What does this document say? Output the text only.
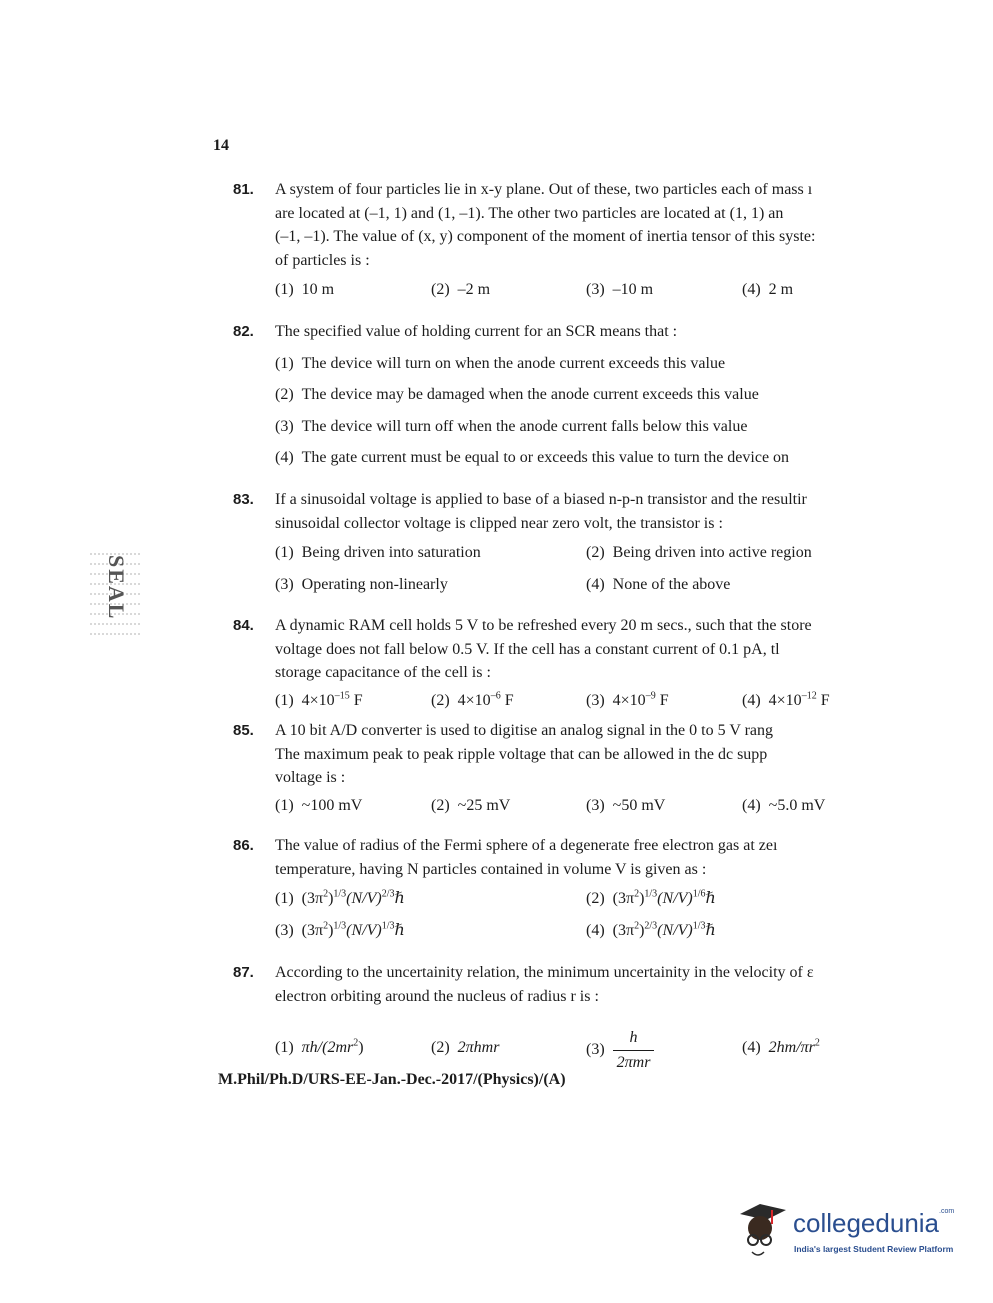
14
SEAL
81. A system of four particles lie in x-y plane. Out of these, two particles each of mass ı
are located at (–1, 1) and (1, –1). The other two particles are located at (1, 1) an
(–1, –1). The value of (x, y) component of the moment of inertia tensor of this syste:
of particles is :
(1) 10 m	(2) –2 m	(3) –10 m	(4) 2 m
82. The specified value of holding current for an SCR means that :
(1) The device will turn on when the anode current exceeds this value
(2) The device may be damaged when the anode current exceeds this value
(3) The device will turn off when the anode current falls below this value
(4) The gate current must be equal to or exceeds this value to turn the device on
83. If a sinusoidal voltage is applied to base of a biased n-p-n transistor and the resultir
sinusoidal collector voltage is clipped near zero volt, the transistor is :
(1) Being driven into saturation	(2) Being driven into active region
(3) Operating non-linearly	(4) None of the above
84. A dynamic RAM cell holds 5 V to be refreshed every 20 m secs., such that the store
voltage does not fall below 0.5 V. If the cell has a constant current of 0.1 pA, tl
storage capacitance of the cell is :
(1) $4\times 10^{-15}$ F	(2) $4\times 10^{-6}$ F	(3) $4\times 10^{-9}$ F	(4) $4\times 10^{-12}$ F
85. A 10 bit A/D converter is used to digitise an analog signal in the 0 to 5 V rang
The maximum peak to peak ripple voltage that can be allowed in the dc supp
voltage is :
(1) ~100 mV	(2) ~25 mV	(3) ~50 mV	(4) ~5.0 mV
86. The value of radius of the Fermi sphere of a degenerate free electron gas at zeı
temperature, having N particles contained in volume V is given as :
(1) $(3\pi^2)^{1/3}(N/V)^{2/3}\hbar$	(2) $(3\pi^2)^{1/3}(N/V)^{1/6}\hbar$
(3) $(3\pi^2)^{1/3}(N/V)^{1/3}\hbar$	(4) $(3\pi^2)^{2/3}(N/V)^{1/3}\hbar$
87. According to the uncertainity relation, the minimum uncertainity in the velocity of ε
electron orbiting around the nucleus of radius r is :
(1) $\pi h/(2mr^2)$	(2) 2πhmr	$(3) \frac{h}{\text{2πmr}}$	(4) $2hm/\pi r^2$
M.Phil/Ph.D/URS-EE-Jan.-Dec.-2017/(Physics)/(A)
collegedunia$^{.com}$
India's largest Student Review Platform
